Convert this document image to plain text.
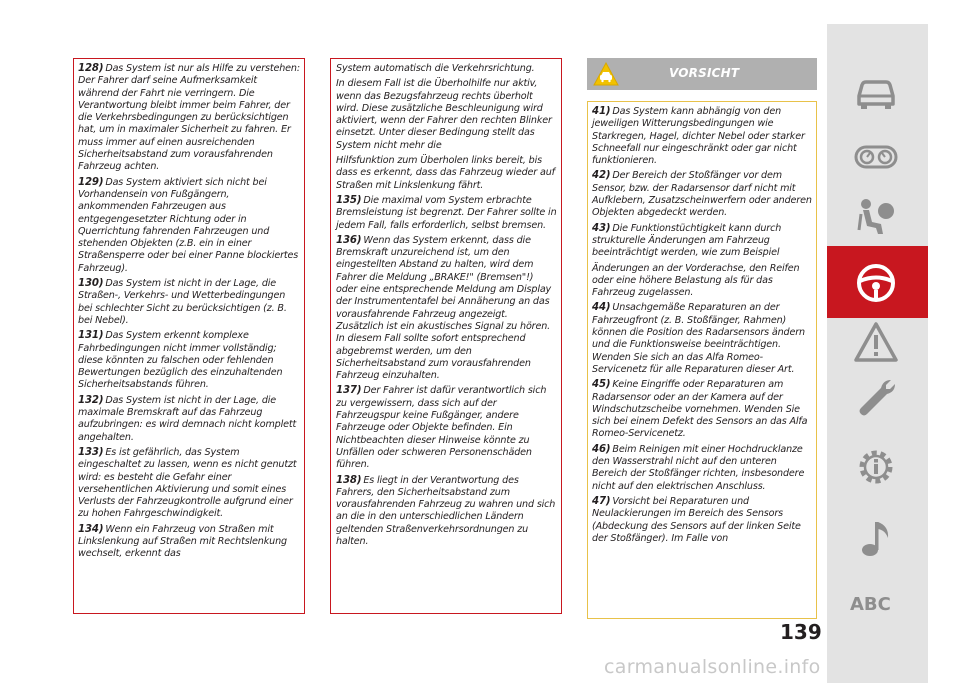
128) Das System ist nur als Hilfe zu verstehen: Der Fahrer darf seine Aufmerksamkeit während der Fahrt nie verringern. Die Verantwortung bleibt immer beim Fahrer, der die Verkehrsbedingungen zu berücksichtigen hat, um in maximaler Sicherheit zu fahren. Er muss immer auf einen ausreichenden Sicherheitsabstand zum vorausfahrenden Fahrzeug achten.

129) Das System aktiviert sich nicht bei Vorhandensein von Fußgängern, ankommenden Fahrzeugen aus entgegengesetzter Richtung oder in Querrichtung fahrenden Fahrzeugen und stehenden Objekten (z.B. ein in einer Straßensperre oder bei einer Panne blockiertes Fahrzeug).

130) Das System ist nicht in der Lage, die Straßen-, Verkehrs- und Wetterbedingungen bei schlechter Sicht zu berücksichtigen (z. B. bei Nebel).

131) Das System erkennt komplexe Fahrbedingungen nicht immer vollständig; diese könnten zu falschen oder fehlenden Bewertungen bezüglich des einzuhaltenden Sicherheitsabstands führen.

132) Das System ist nicht in der Lage, die maximale Bremskraft auf das Fahrzeug aufzubringen: es wird demnach nicht komplett angehalten.

133) Es ist gefährlich, das System eingeschaltet zu lassen, wenn es nicht genutzt wird: es besteht die Gefahr einer versehentlichen Aktivierung und somit eines Verlusts der Fahrzeugkontrolle aufgrund einer zu hohen Fahrgeschwindigkeit.

134) Wenn ein Fahrzeug von Straßen mit Linkslenkung auf Straßen mit Rechtslenkung wechselt, erkennt das

System automatisch die Verkehrsrichtung.

In diesem Fall ist die Überholhilfe nur aktiv, wenn das Bezugsfahrzeug rechts überholt wird. Diese zusätzliche Beschleunigung wird aktiviert, wenn der Fahrer den rechten Blinker einsetzt. Unter dieser Bedingung stellt das System nicht mehr die

Hilfsfunktion zum Überholen links bereit, bis dass es erkennt, dass das Fahrzeug wieder auf Straßen mit Linkslenkung fährt.

135) Die maximal vom System erbrachte Bremsleistung ist begrenzt. Der Fahrer sollte in jedem Fall, falls erforderlich, selbst bremsen.

136) Wenn das System erkennt, dass die Bremskraft unzureichend ist, um den eingestellten Abstand zu halten, wird dem Fahrer die Meldung „BRAKE!" (Bremsen"!) oder eine entsprechende Meldung am Display der Instrumententafel bei Annäherung an das vorausfahrende Fahrzeug angezeigt. Zusätzlich ist ein akustisches Signal zu hören. In diesem Fall sollte sofort entsprechend abgebremst werden, um den Sicherheitsabstand zum vorausfahrenden Fahrzeug einzuhalten.

137) Der Fahrer ist dafür verantwortlich sich zu vergewissern, dass sich auf der Fahrzeugspur keine Fußgänger, andere Fahrzeuge oder Objekte befinden. Ein Nichtbeachten dieser Hinweise könnte zu Unfällen oder schweren Personenschäden führen.

138) Es liegt in der Verantwortung des Fahrers, den Sicherheitsabstand zum vorausfahrenden Fahrzeug zu wahren und sich an die in den unterschiedlichen Ländern geltenden Straßenverkehrsordnungen zu halten.

VORSICHT

41) Das System kann abhängig von den jeweiligen Witterungsbedingungen wie Starkregen, Hagel, dichter Nebel oder starker Schneefall nur eingeschränkt oder gar nicht funktionieren.

42) Der Bereich der Stoßfänger vor dem Sensor, bzw. der Radarsensor darf nicht mit Aufklebern, Zusatzscheinwerfern oder anderen Objekten abgedeckt werden.

43) Die Funktionstüchtigkeit kann durch strukturelle Änderungen am Fahrzeug beeinträchtigt werden, wie zum Beispiel

Änderungen an der Vorderachse, den Reifen oder eine höhere Belastung als für das Fahrzeug zugelassen.

44) Unsachgemäße Reparaturen an der Fahrzeugfront (z. B. Stoßfänger, Rahmen) können die Position des Radarsensors ändern und die Funktionsweise beeinträchtigen. Wenden Sie sich an das Alfa Romeo-Servicenetz für alle Reparaturen dieser Art.

45) Keine Eingriffe oder Reparaturen am Radarsensor oder an der Kamera auf der Windschutzscheibe vornehmen. Wenden Sie sich bei einem Defekt des Sensors an das Alfa Romeo-Servicenetz.

46) Beim Reinigen mit einer Hochdrucklanze den Wasserstrahl nicht auf den unteren Bereich der Stoßfänger richten, insbesondere nicht auf den elektrischen Anschluss.

47) Vorsicht bei Reparaturen und Neulackierungen im Bereich des Sensors (Abdeckung des Sensors auf der linken Seite der Stoßfänger). Im Falle von

ABC
139
carmanualsonline.info
